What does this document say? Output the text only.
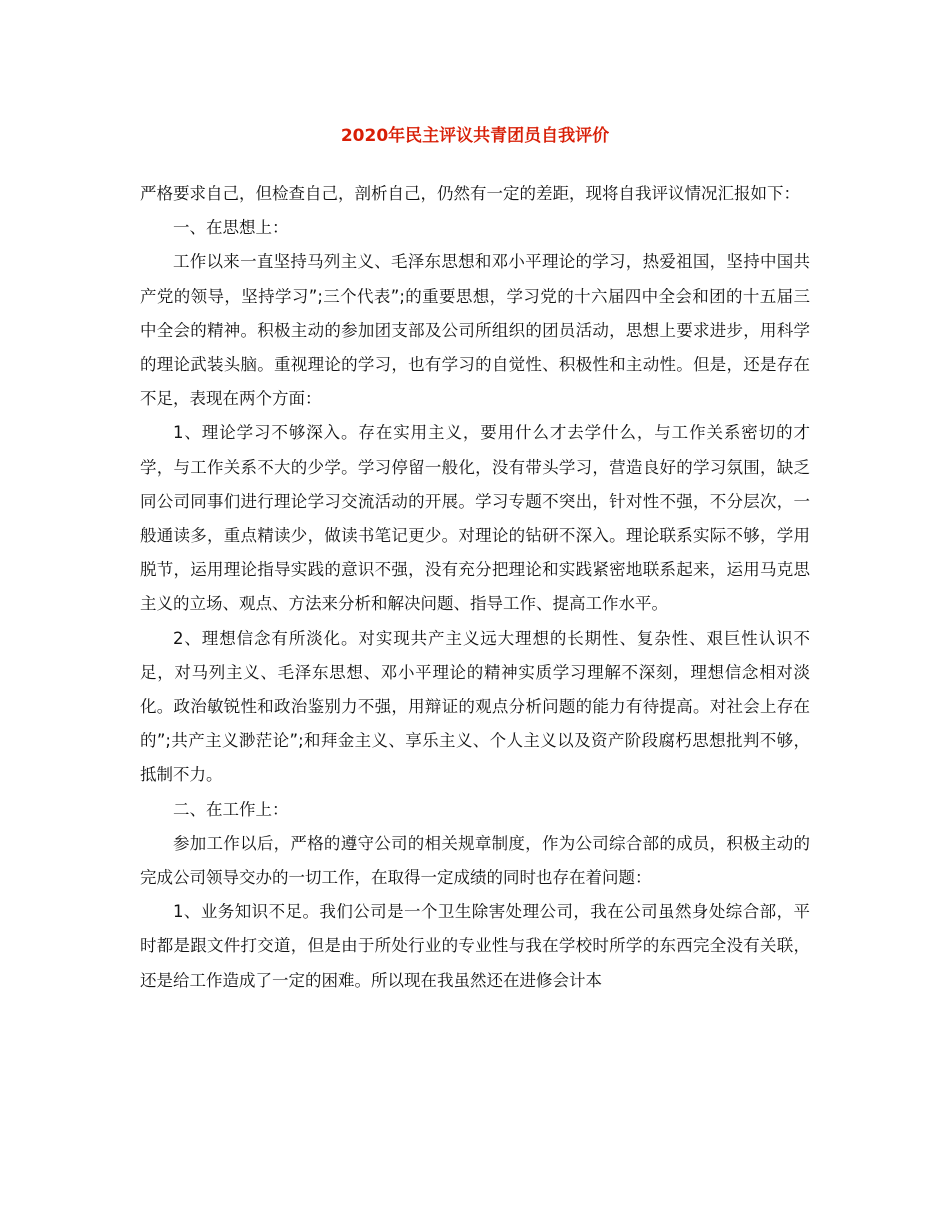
2020年民主评议共青团员自我评价

严格要求自己，但检查自己，剖析自己，仍然有一定的差距，现将自我评议情况汇报如下：

一、在思想上：

工作以来一直坚持马列主义、毛泽东思想和邓小平理论的学习，热爱祖国，坚持中国共产党的领导，坚持学习”;三个代表”;的重要思想，学习党的十六届四中全会和团的十五届三中全会的精神。积极主动的参加团支部及公司所组织的团员活动，思想上要求进步，用科学的理论武装头脑。重视理论的学习，也有学习的自觉性、积极性和主动性。但是，还是存在不足，表现在两个方面：

1、理论学习不够深入。存在实用主义，要用什么才去学什么，与工作关系密切的才学，与工作关系不大的少学。学习停留一般化，没有带头学习，营造良好的学习氛围，缺乏同公司同事们进行理论学习交流活动的开展。学习专题不突出，针对性不强，不分层次，一般通读多，重点精读少，做读书笔记更少。对理论的钻研不深入。理论联系实际不够，学用脱节，运用理论指导实践的意识不强，没有充分把理论和实践紧密地联系起来，运用马克思主义的立场、观点、方法来分析和解决问题、指导工作、提高工作水平。

2、理想信念有所淡化。对实现共产主义远大理想的长期性、复杂性、艰巨性认识不足，对马列主义、毛泽东思想、邓小平理论的精神实质学习理解不深刻，理想信念相对淡化。政治敏锐性和政治鉴别力不强，用辩证的观点分析问题的能力有待提高。对社会上存在的”;共产主义渺茫论”;和拜金主义、享乐主义、个人主义以及资产阶段腐朽思想批判不够，抵制不力。

二、在工作上：

参加工作以后，严格的遵守公司的相关规章制度，作为公司综合部的成员，积极主动的完成公司领导交办的一切工作，在取得一定成绩的同时也存在着问题：

1、业务知识不足。我们公司是一个卫生除害处理公司，我在公司虽然身处综合部，平时都是跟文件打交道，但是由于所处行业的专业性与我在学校时所学的东西完全没有关联，还是给工作造成了一定的困难。所以现在我虽然还在进修会计本
